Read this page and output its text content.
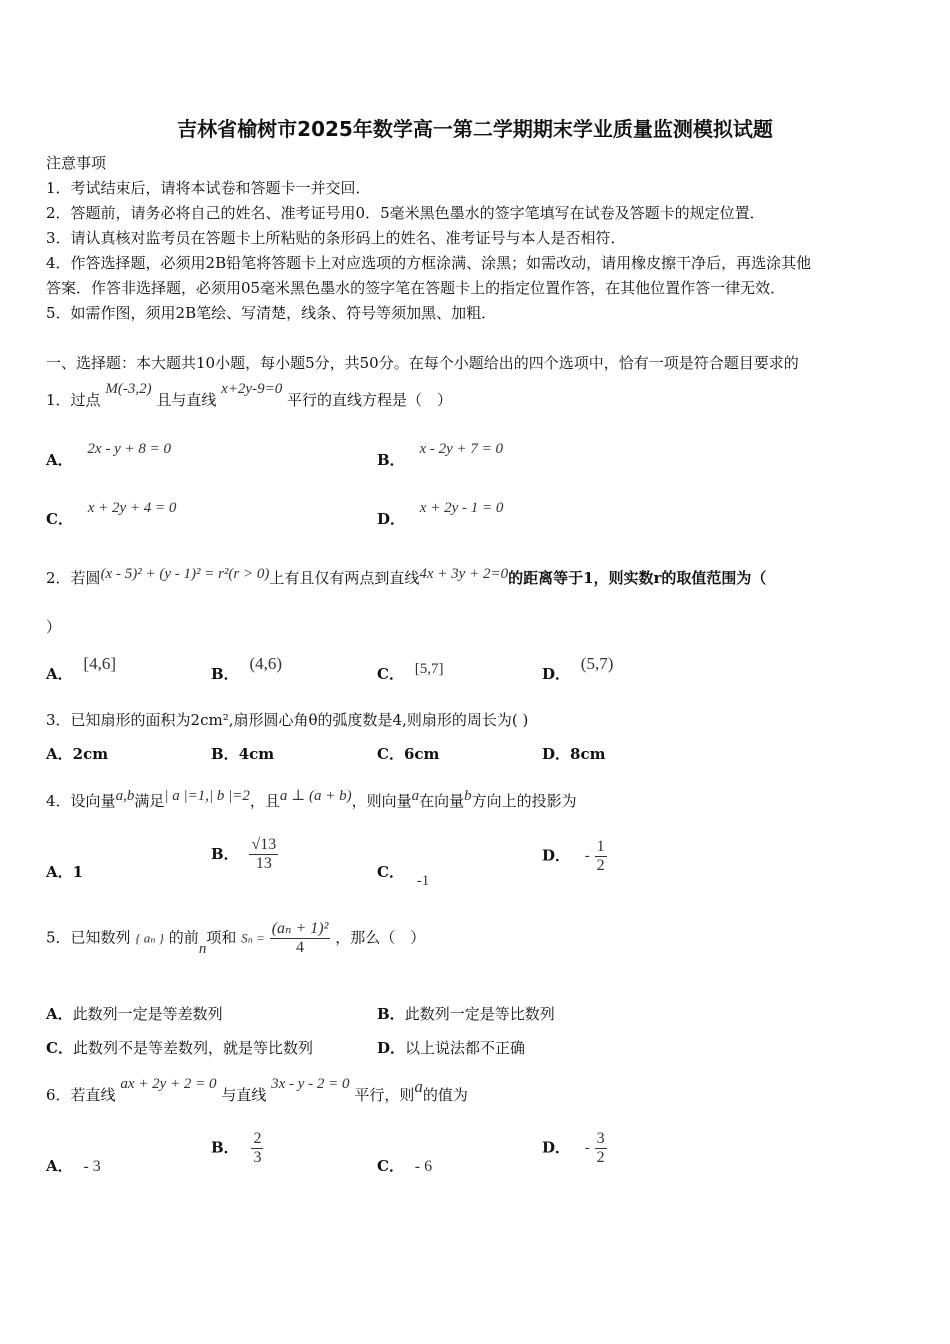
吉林省榆树市2025年数学高一第二学期期末学业质量监测模拟试题
注意事项
1．考试结束后，请将本试卷和答题卡一并交回．
2．答题前，请务必将自己的姓名、准考证号用0．5毫米黑色墨水的签字笔填写在试卷及答题卡的规定位置．
3．请认真核对监考员在答题卡上所粘贴的条形码上的姓名、准考证号与本人是否相符．
4．作答选择题，必须用2B铅笔将答题卡上对应选项的方框涂满、涂黑；如需改动，请用橡皮擦干净后，再选涂其他
答案．作答非选择题，必须用05毫米黑色墨水的签字笔在答题卡上的指定位置作答，在其他位置作答一律无效．
5．如需作图，须用2B笔绘、写清楚，线条、符号等须加黑、加粗．
一、选择题：本大题共10小题，每小题5分，共50分。在每个小题给出的四个选项中，恰有一项是符合题目要求的
1．过点 M(-3,2) 且与直线 x+2y-9=0 平行的直线方程是（　）
A． 2x - y + 8 = 0
B． x - 2y + 7 = 0
C． x + 2y + 4 = 0
D． x + 2y - 1 = 0
2．若圆(x - 5)² + (y - 1)² = r²(r > 0)上有且仅有两点到直线4x + 3y + 2=0的距离等于1，则实数r的取值范围为（
）
A． [4,6]
B． (4,6)
C． [5,7]	D． (5,7)
3．已知扇形的面积为2cm²,扇形圆心角θ的弧度数是4,则扇形的周长为( )
A．2cm	B．4cm	C．6cm	D．8cm
4．设向量a,b满足| a |=1,| b |=2，且a ⊥ (a + b)，则向量a在向量b方向上的投影为
A．1
B． $\frac{√13}{13}$	C． -1
D． - $\frac{1}{2}$
5．已知数列 { aₙ } 的前n项和 $S_n = \frac{\text{(aₙ + 1)²}}{4}$ ，那么（　）
A．此数列一定是等差数列	B．此数列一定是等比数列
C．此数列不是等差数列，就是等比数列	D．以上说法都不正确
6．若直线 ax + 2y + 2 = 0 与直线 3x - y - 2 = 0 平行，则a的值为
A． - 3
B． $\frac{2}{3}$	C． - 6
D． - $\frac{3}{2}$
